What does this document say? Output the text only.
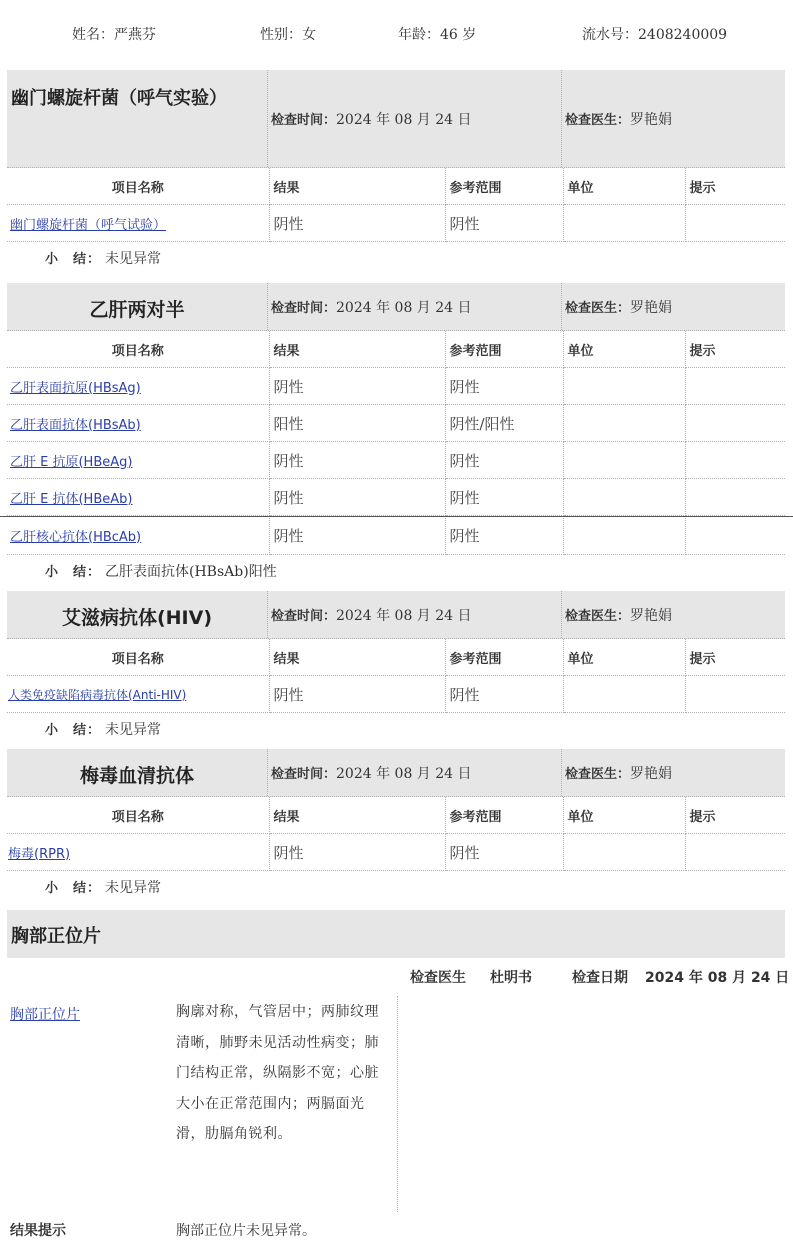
姓名：严燕芬	性别：女	年龄：46 岁	流水号：2408240009
幽门螺旋杆菌（呼气实验）
检查时间：2024 年 08 月 24 日	检查医生：罗艳娟
项目名称	结果	参考范围	单位	提示
幽门螺旋杆菌（呼气试验）	阴性	阴性		
小　结： 未见异常
乙肝两对半	检查时间：2024 年 08 月 24 日	检查医生：罗艳娟
项目名称	结果	参考范围	单位	提示
乙肝表面抗原(HBsAg)	阴性	阴性		
乙肝表面抗体(HBsAb)	阳性	阴性/阳性		
乙肝 E 抗原(HBeAg)	阴性	阴性		
乙肝 E 抗体(HBeAb)	阴性	阴性		
乙肝核心抗体(HBcAb)	阴性	阴性		
小　结： 乙肝表面抗体(HBsAb)阳性
艾滋病抗体(HIV)	检查时间：2024 年 08 月 24 日	检查医生：罗艳娟
项目名称	结果	参考范围	单位	提示
人类免疫缺陷病毒抗体(Anti-HIV)	阴性	阴性		
小　结： 未见异常
梅毒血清抗体	检查时间：2024 年 08 月 24 日	检查医生：罗艳娟
项目名称	结果	参考范围	单位	提示
梅毒(RPR)	阴性	阴性		
小　结： 未见异常
胸部正位片
检查医生 杜明书	检查日期 2024 年 08 月 24 日
胸部正位片	胸廓对称，气管居中；两肺纹理清晰，肺野未见活动性病变；肺门结构正常，纵隔影不宽；心脏大小在正常范围内；两膈面光滑，肋膈角锐利。
结果提示	胸部正位片未见异常。
